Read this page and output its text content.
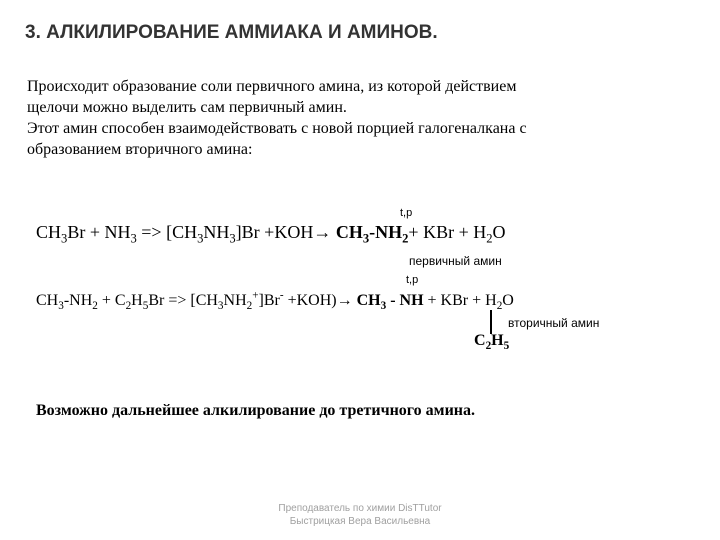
3. АЛКИЛИРОВАНИЕ АММИАКА И АМИНОВ.

Происходит образование соли первичного амина, из которой действием

щелочи можно выделить сам первичный амин.

Этот амин способен взаимодействовать с новой порцией галогеналкана с

образованием вторичного амина:

t,p
$CH_3Br + NH_3 => [CH_3NH_3]Br +KOH\to CH_3-NH_2+$ KBr + $H_2O$
первичный амин
t,p
$CH_3-NH_2 + C_2H_5Br => [CH_3NH_2^+]Br^- +KOH)\to CH_3$ - NH + KBr + $H_2O$
вторичный амин
$C_2H_5$
Возможно дальнейшее алкилирование до третичного амина.
Преподаватель по химии DisTTutor
Быстрицкая Вера Васильевна
